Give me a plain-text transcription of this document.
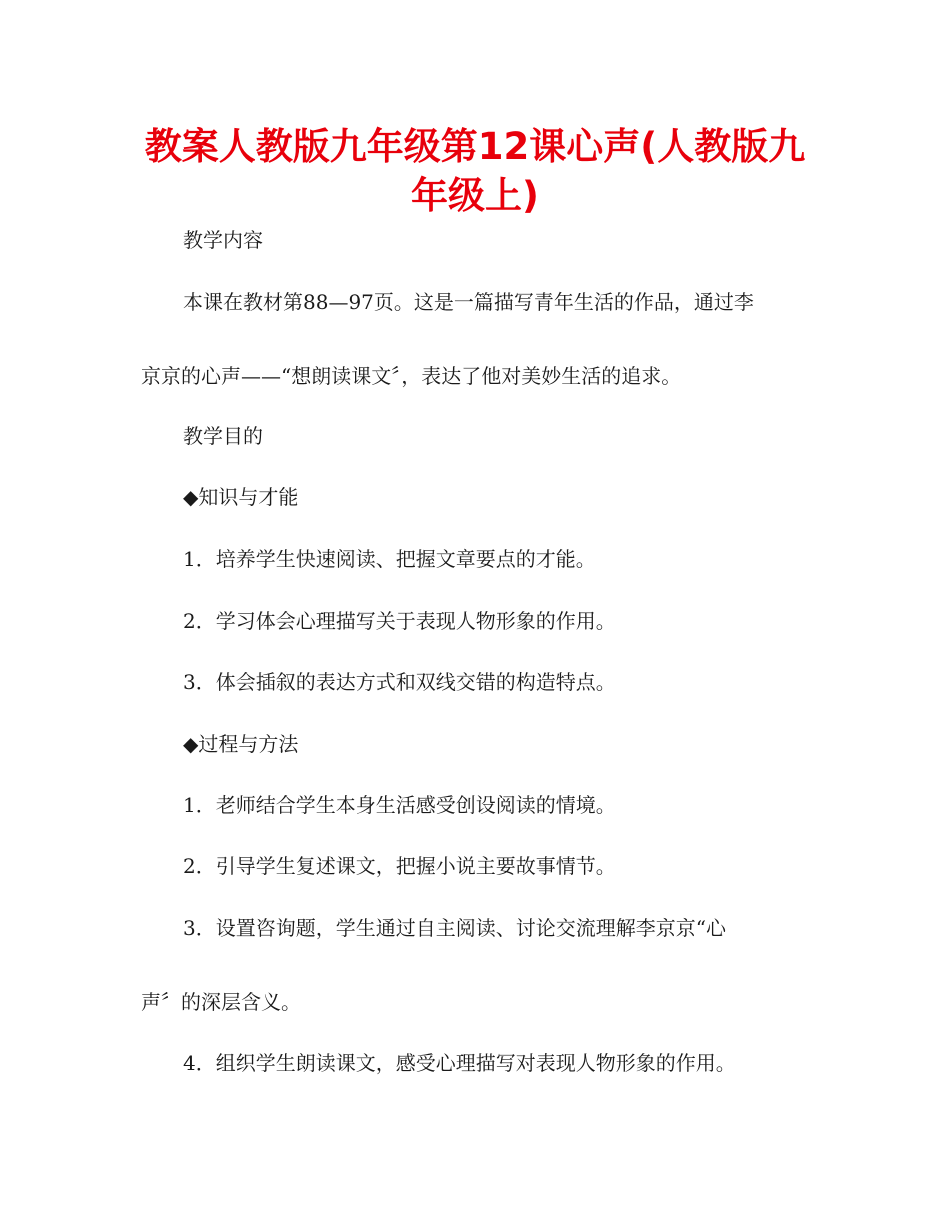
教案人教版九年级第12课心声(人教版九
年级上)
教学内容
本课在教材第88—97页。这是一篇描写青年生活的作品，通过李
京京的心声——“想朗读课文〞，表达了他对美妙生活的追求。
教学目的
◆知识与才能
1．培养学生快速阅读、把握文章要点的才能。
2．学习体会心理描写关于表现人物形象的作用。
3．体会插叙的表达方式和双线交错的构造特点。
◆过程与方法
1．老师结合学生本身生活感受创设阅读的情境。
2．引导学生复述课文，把握小说主要故事情节。
3．设置咨询题，学生通过自主阅读、讨论交流理解李京京“心
声〞的深层含义。
4．组织学生朗读课文，感受心理描写对表现人物形象的作用。
